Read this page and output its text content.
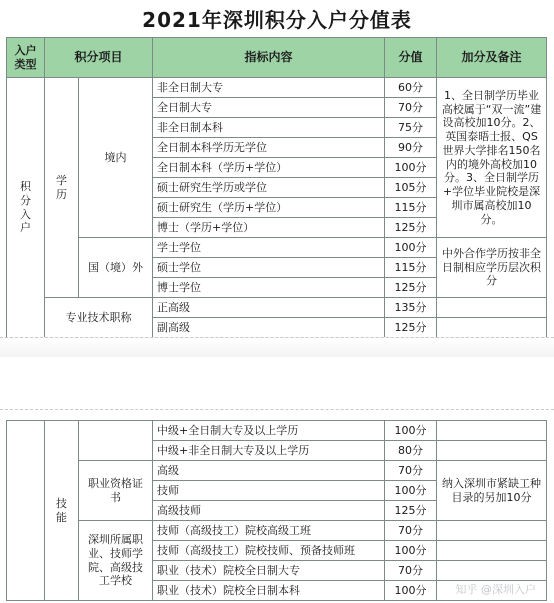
2021年深圳积分入户分值表
入户类型	积分项目		指标内容	分值	加分及备注
积分入户	学历	境内	非全日制大专	60分	1、全日制学历毕业高校属于“双一流”建设高校加10分。2、英国泰晤士报、QS世界大学排名150名内的境外高校加10分。3、全日制学历+学位毕业院校是深圳市属高校加10分。
			全日制大专	70分	
			非全日制本科	75分	
			全日制本科学历无学位	90分	
			全日制本科（学历+学位）	100分	
			硕士研究生学历或学位	105分	
			硕士研究生（学历+学位）	115分	
			博士（学历+学位）	125分	
		国（境）外	学士学位	100分	中外合作学历按非全日制相应学历层次积分
			硕士学位	115分	
			博士学位	125分	
	专业技术职称		正高级	135分	
			副高级	125分	
	技能		中级+全日制大专及以上学历	100分	
			中级+非全日制大专及以上学历	80分	
		职业资格证书	高级	70分	纳入深圳市紧缺工种目录的另加10分
			技师	100分	
			高级技师	125分	
		深圳所属职业、技师学院、高级技工学校	技师（高级技工）院校高级工班	70分	
			技师（高级技工）院校技师、预备技师班	100分	
			职业（技术）院校全日制大专	70分	
			职业（技术）院校全日制本科	100分		知乎 @深圳入户
